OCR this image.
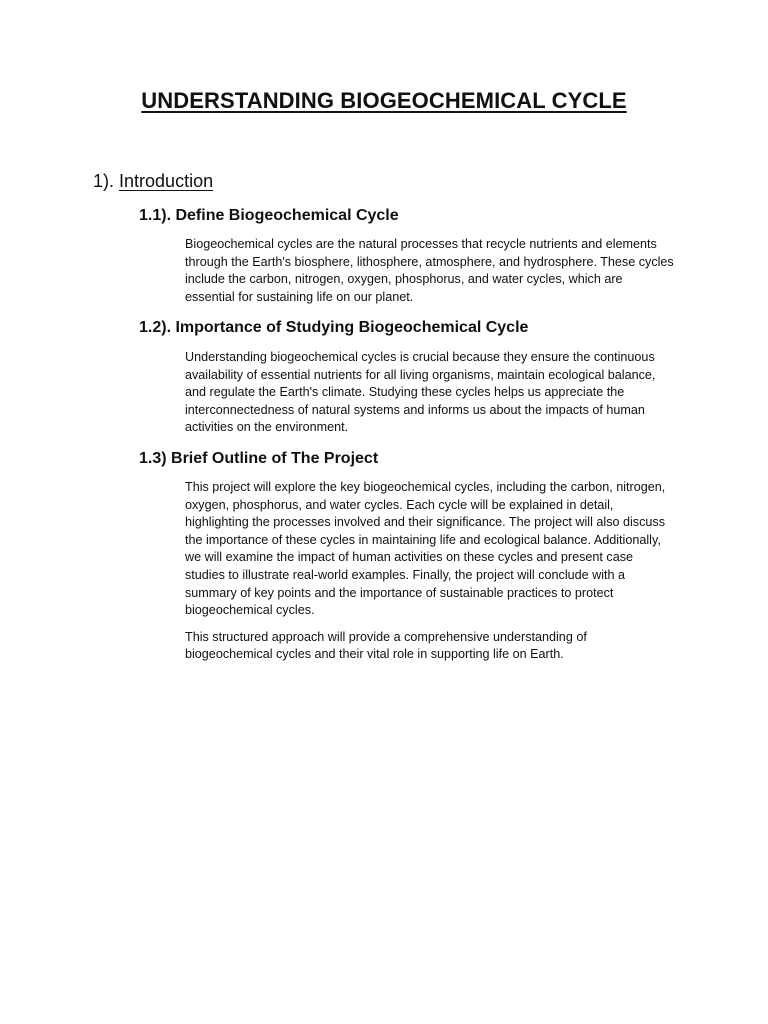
UNDERSTANDING BIOGEOCHEMICAL CYCLE
1). Introduction
1.1). Define Biogeochemical Cycle

Biogeochemical cycles are the natural processes that recycle nutrients and elements through the Earth's biosphere, lithosphere, atmosphere, and hydrosphere. These cycles include the carbon, nitrogen, oxygen, phosphorus, and water cycles, which are essential for sustaining life on our planet.

1.2). Importance of Studying Biogeochemical Cycle

Understanding biogeochemical cycles is crucial because they ensure the continuous availability of essential nutrients for all living organisms, maintain ecological balance, and regulate the Earth's climate. Studying these cycles helps us appreciate the interconnectedness of natural systems and informs us about the impacts of human activities on the environment.

1.3) Brief Outline of The Project

This project will explore the key biogeochemical cycles, including the carbon, nitrogen, oxygen, phosphorus, and water cycles. Each cycle will be explained in detail, highlighting the processes involved and their significance. The project will also discuss the importance of these cycles in maintaining life and ecological balance. Additionally, we will examine the impact of human activities on these cycles and present case studies to illustrate real-world examples. Finally, the project will conclude with a summary of key points and the importance of sustainable practices to protect biogeochemical cycles.

This structured approach will provide a comprehensive understanding of biogeochemical cycles and their vital role in supporting life on Earth.
